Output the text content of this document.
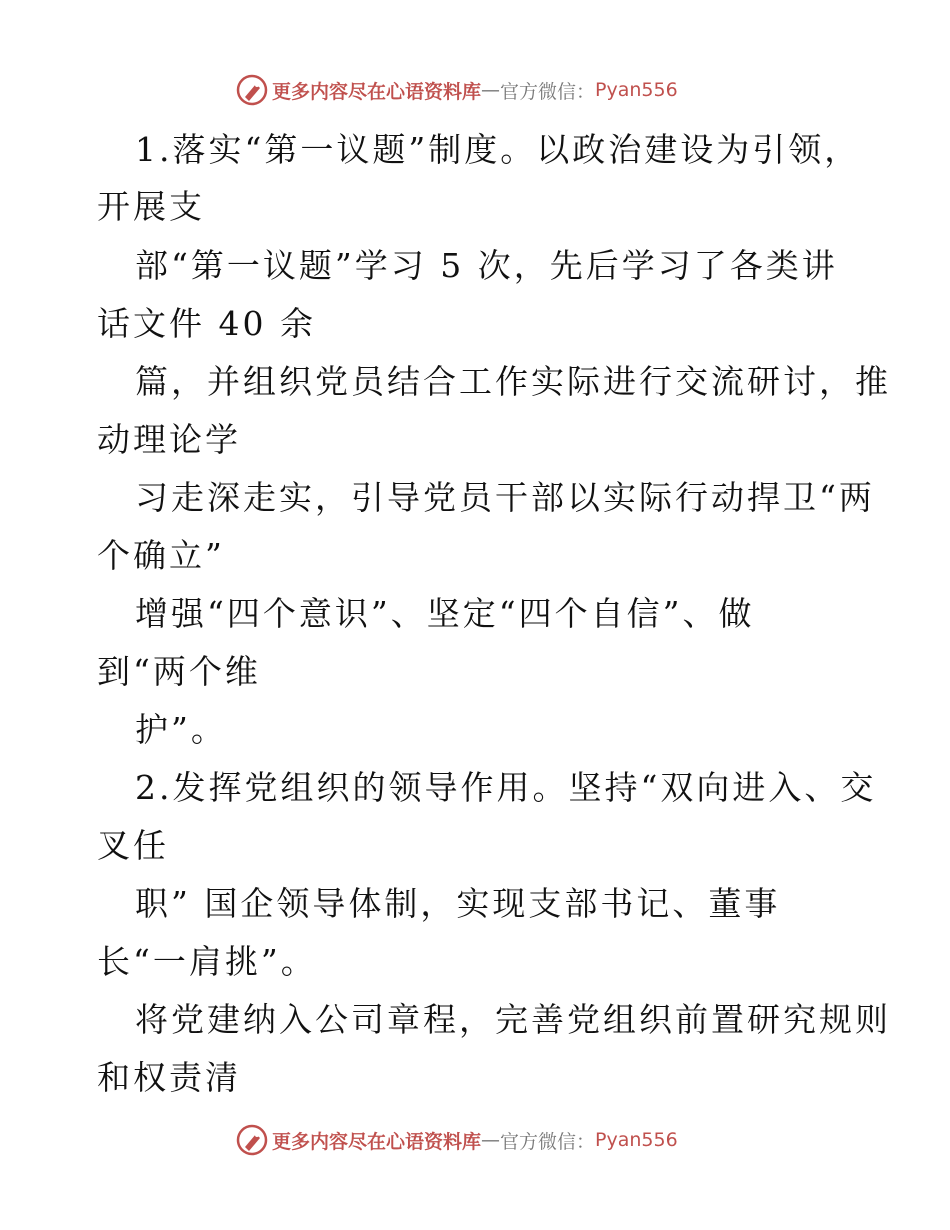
更多内容尽在心语资料库 — 官方微信： Pyan556
1.落实“第一议题”制度。以政治建设为引领，
开展支
部“第一议题”学习 5 次，先后学习了各类讲
话文件 40 余
篇，并组织党员结合工作实际进行交流研讨，推
动理论学
习走深走实，引导党员干部以实际行动捍卫“两
个确立”
增强“四个意识”、坚定“四个自信”、做
到“两个维
护”。
2.发挥党组织的领导作用。坚持“双向进入、交
叉任
职” 国企领导体制，实现支部书记、董事
长“一肩挑”。
将党建纳入公司章程，完善党组织前置研究规则
和权责清
更多内容尽在心语资料库 — 官方微信： Pyan556
